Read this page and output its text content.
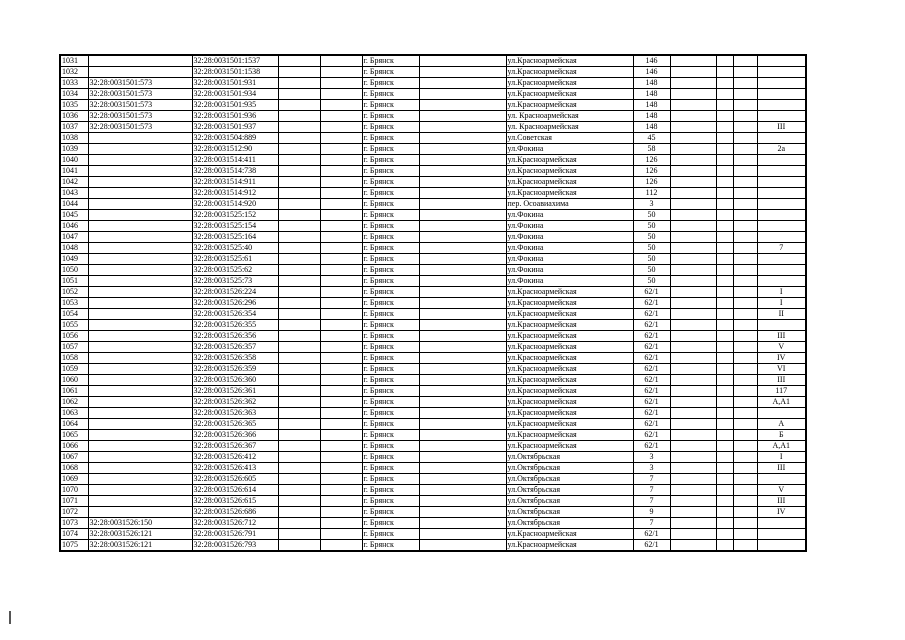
1031		32:28:0031501:1537			г. Брянск		ул.Красноармейская	146				
1032		32:28:0031501:1538			г. Брянск		ул.Красноармейская	146				
1033	32:28:0031501:573	32:28:0031501:931			г. Брянск		ул.Красноармейская	148				
1034	32:28:0031501:573	32:28:0031501:934			г. Брянск		ул.Красноармейская	148				
1035	32:28:0031501:573	32:28:0031501:935			г. Брянск		ул.Красноармейская	148				
1036	32:28:0031501:573	32:28:0031501:936			г. Брянск		ул. Красноармейская	148				
1037	32:28:0031501:573	32:28:0031501:937			г. Брянск		ул. Красноармейская	148				III
1038		32:28:0031504:889			г. Брянск		ул.Советская	45				
1039		32:28:0031512:90			г. Брянск		ул.Фокина	58				2а
1040		32:28:0031514:411			г. Брянск		ул.Красноармейская	126				
1041		32:28:0031514:738			г. Брянск		ул.Красноармейская	126				
1042		32:28:0031514:911			г. Брянск		ул.Красноармейская	126				
1043		32:28:0031514:912			г. Брянск		ул.Красноармейская	112				
1044		32:28:0031514:920			г. Брянск		пер. Осоавиахима	3				
1045		32:28:0031525:152			г. Брянск		ул.Фокина	50				
1046		32:28:0031525:154			г. Брянск		ул.Фокина	50				
1047		32:28:0031525:164			г. Брянск		ул.Фокина	50				
1048		32:28:0031525:40			г. Брянск		ул.Фокина	50				7
1049		32:28:0031525:61			г. Брянск		ул.Фокина	50				
1050		32:28:0031525:62			г. Брянск		ул.Фокина	50				
1051		32:28:0031525:73			г. Брянск		ул.Фокина	50				
1052		32:28:0031526:224			г. Брянск		ул.Красноармейская	62/1				I
1053		32:28:0031526:296			г. Брянск		ул.Красноармейская	62/1				I
1054		32:28:0031526:354			г. Брянск		ул.Красноармейская	62/1				II
1055		32:28:0031526:355			г. Брянск		ул.Красноармейская	62/1				
1056		32:28:0031526:356			г. Брянск		ул.Красноармейская	62/1				III
1057		32:28:0031526:357			г. Брянск		ул.Красноармейская	62/1				V
1058		32:28:0031526:358			г. Брянск		ул.Красноармейская	62/1				IV
1059		32:28:0031526:359			г. Брянск		ул.Красноармейская	62/1				VI
1060		32:28:0031526:360			г. Брянск		ул.Красноармейская	62/1				III
1061		32:28:0031526:361			г. Брянск		ул.Красноармейская	62/1				117
1062		32:28:0031526:362			г. Брянск		ул.Красноармейская	62/1				А,А1
1063		32:28:0031526:363			г. Брянск		ул.Красноармейская	62/1				
1064		32:28:0031526:365			г. Брянск		ул.Красноармейская	62/1				А
1065		32:28:0031526:366			г. Брянск		ул.Красноармейская	62/1				Б
1066		32:28:0031526:367			г. Брянск		ул.Красноармейская	62/1				А,А1
1067		32:28:0031526:412			г. Брянск		ул.Октябрьская	3				I
1068		32:28:0031526:413			г. Брянск		ул.Октябрьская	3				III
1069		32:28:0031526:605			г. Брянск		ул.Октябрьская	7				
1070		32:28:0031526:614			г. Брянск		ул.Октябрьская	7				V
1071		32:28:0031526:615			г. Брянск		ул.Октябрьская	7				III
1072		32:28:0031526:686			г. Брянск		ул.Октябрьская	9				IV
1073	32:28:0031526:150	32:28:0031526:712			г. Брянск		ул.Октябрьская	7				
1074	32:28:0031526:121	32:28:0031526:791			г. Брянск		ул.Красноармейская	62/1				
1075	32:28:0031526:121	32:28:0031526:793			г. Брянск		ул.Красноармейская	62/1				
